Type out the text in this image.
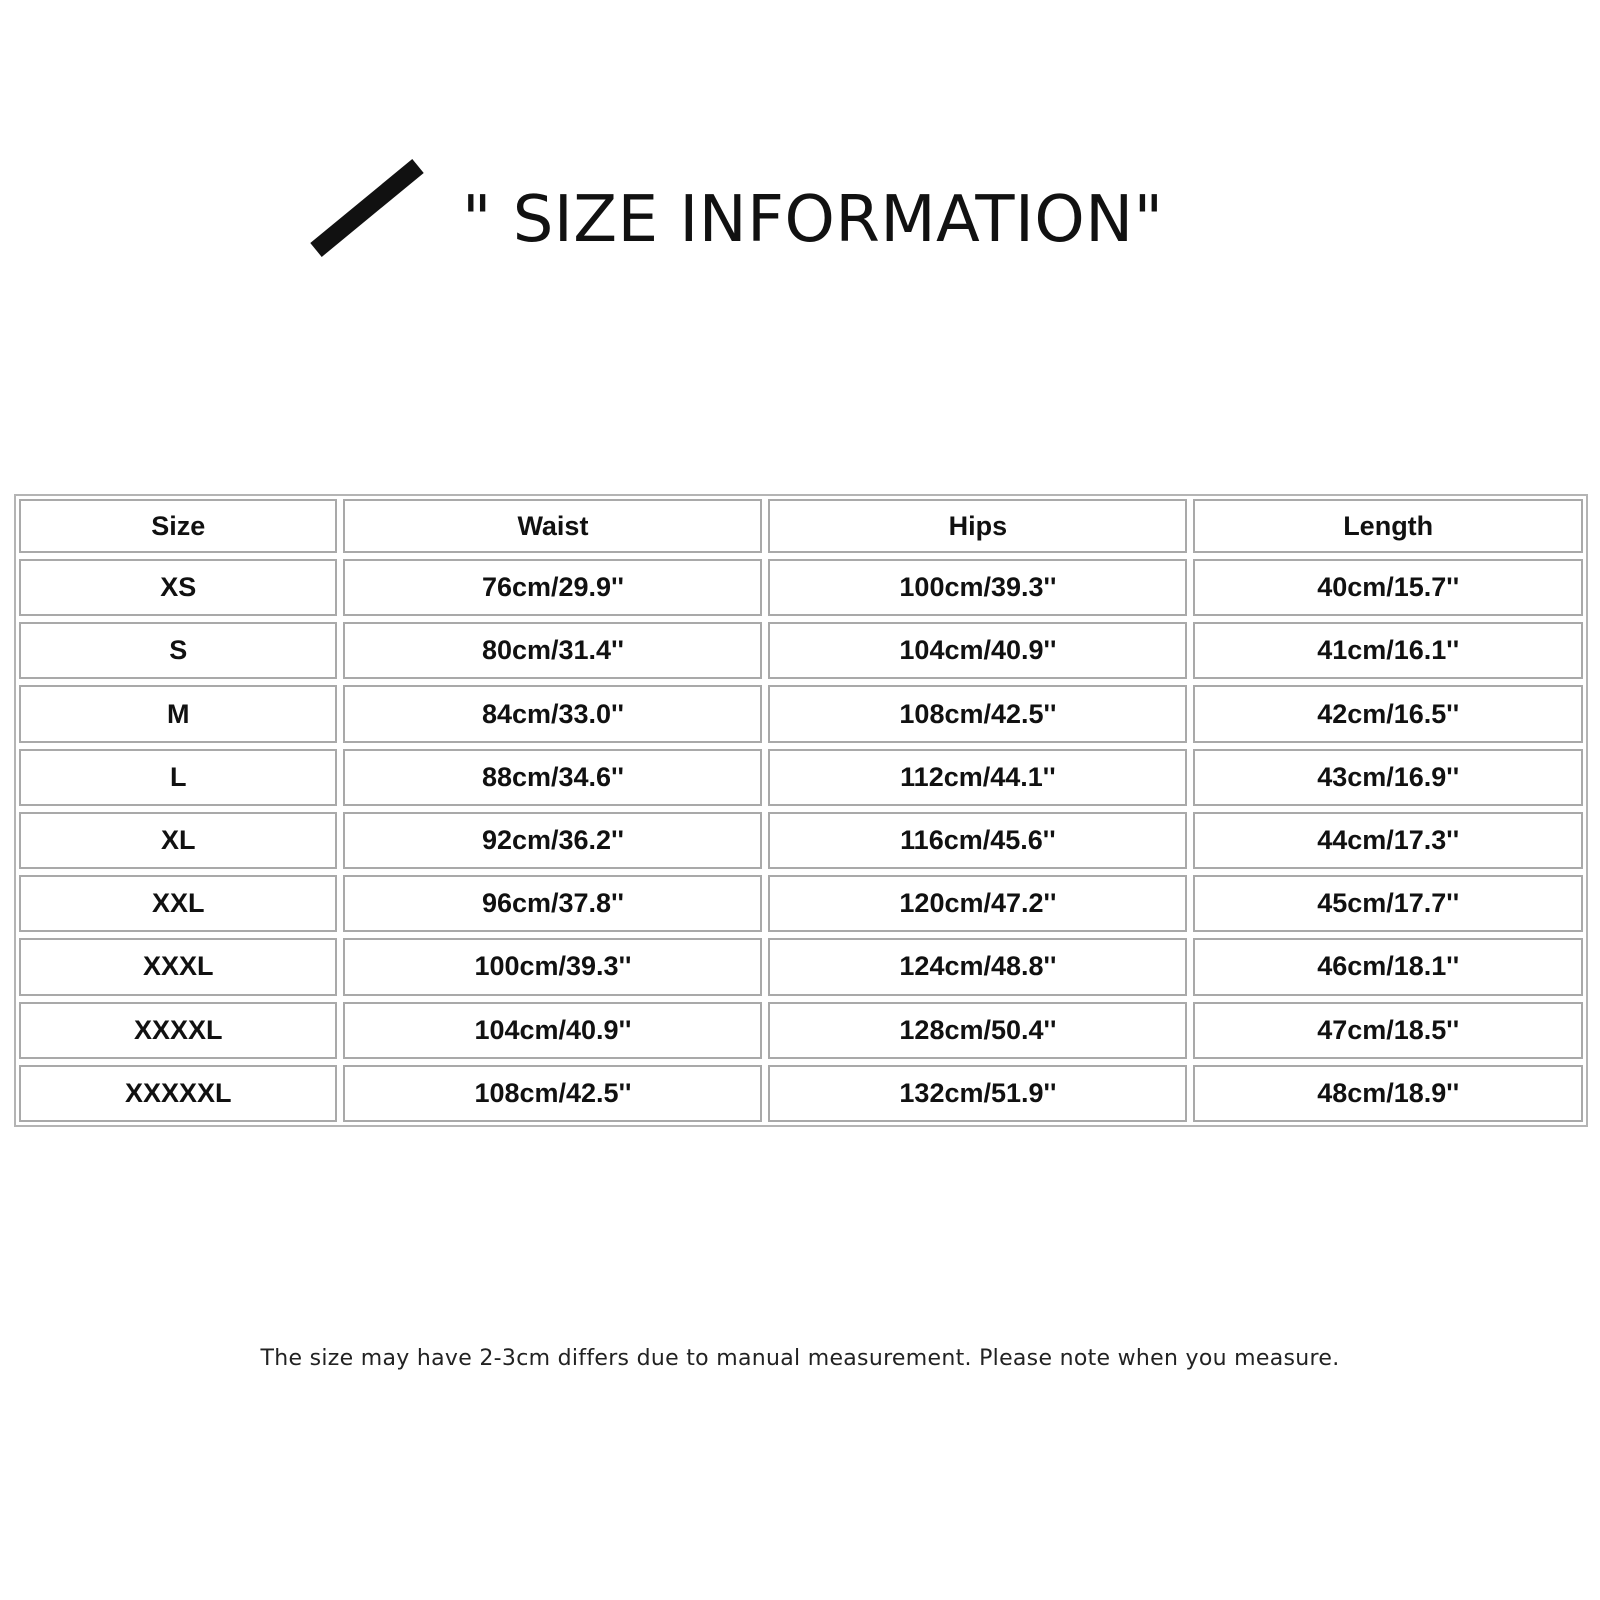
" SIZE INFORMATION"
Size	Waist	Hips	Length
XS	76cm/29.9''	100cm/39.3''	40cm/15.7''
S	80cm/31.4''	104cm/40.9''	41cm/16.1''
M	84cm/33.0''	108cm/42.5''	42cm/16.5''
L	88cm/34.6''	112cm/44.1''	43cm/16.9''
XL	92cm/36.2''	116cm/45.6''	44cm/17.3''
XXL	96cm/37.8''	120cm/47.2''	45cm/17.7''
XXXL	100cm/39.3''	124cm/48.8''	46cm/18.1''
XXXXL	104cm/40.9''	128cm/50.4''	47cm/18.5''
XXXXXL	108cm/42.5''	132cm/51.9''	48cm/18.9''
The size may have 2-3cm differs due to manual measurement. Please note when you measure.
